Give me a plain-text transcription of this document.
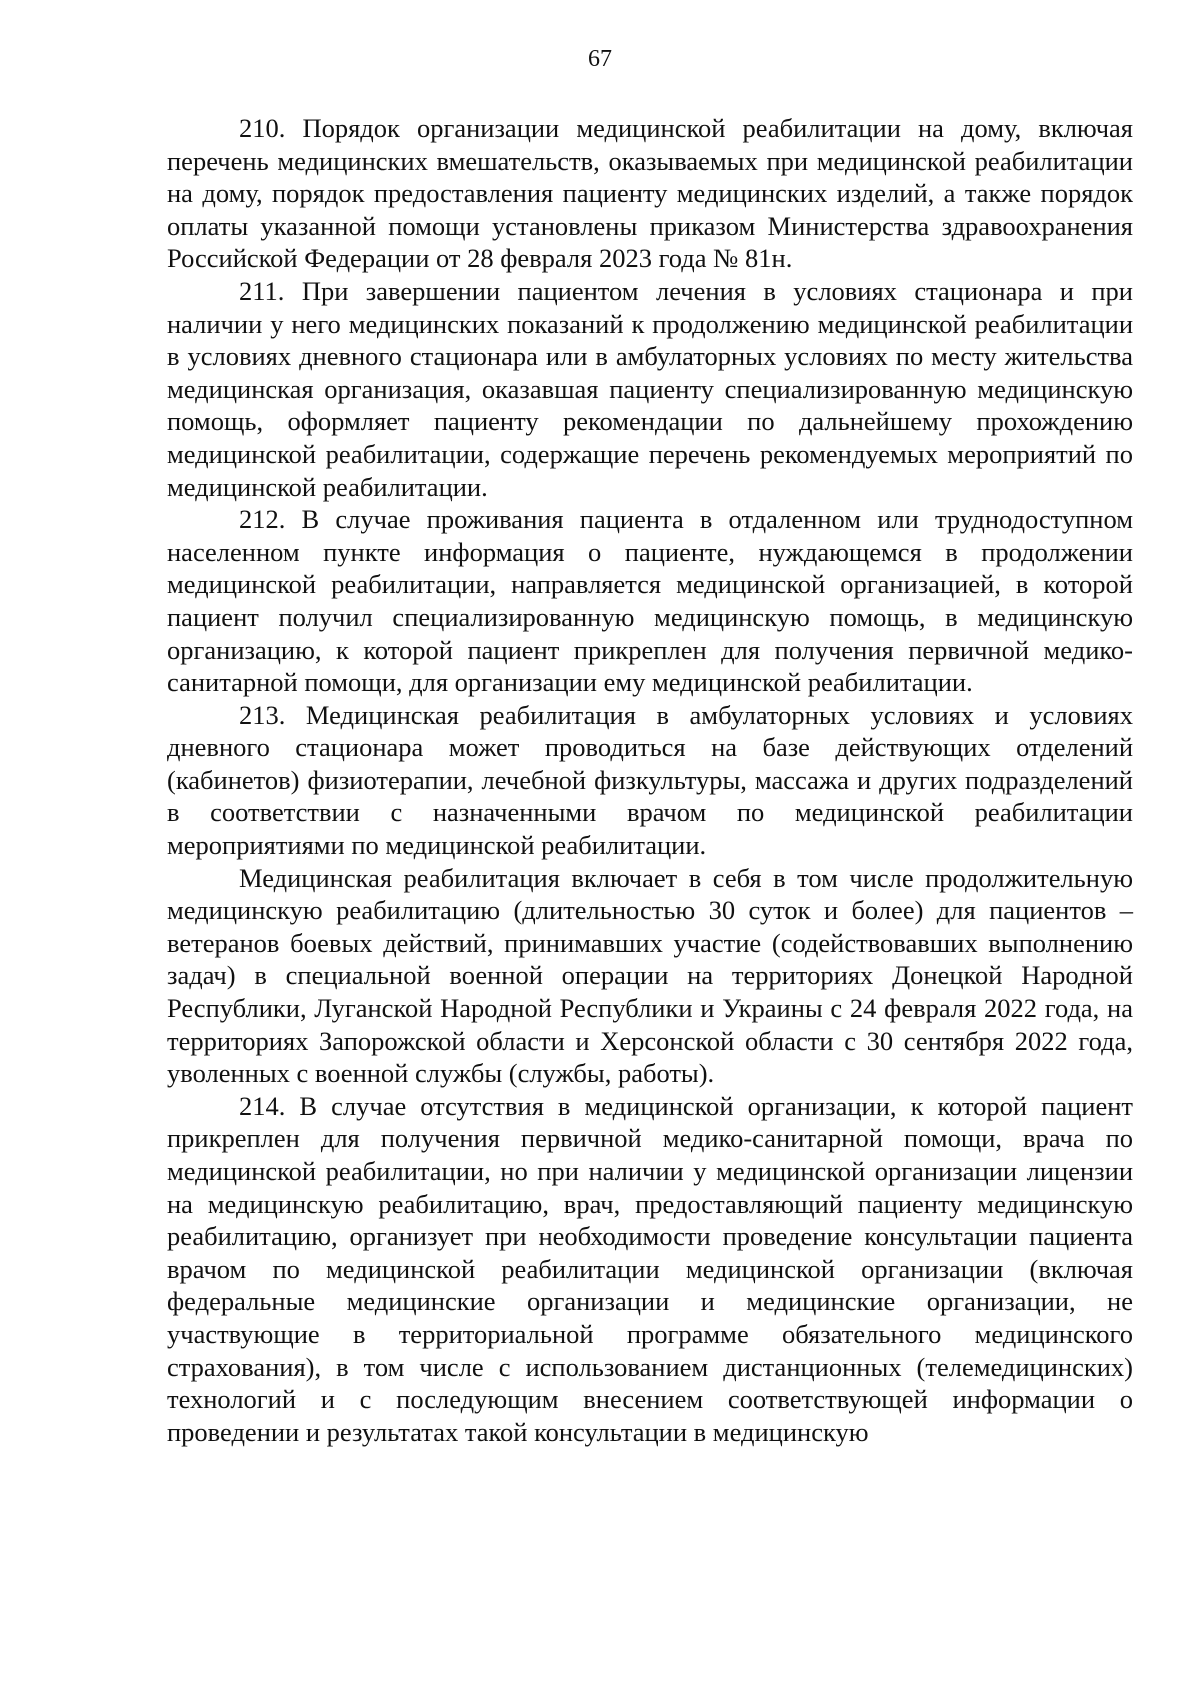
67

210. Порядок организации медицинской реабилитации на дому, включая перечень медицинских вмешательств, оказываемых при медицинской реабилитации на дому, порядок предоставления пациенту медицинских изделий, а также порядок оплаты указанной помощи установлены приказом Министерства здравоохранения Российской Федерации от 28 февраля 2023 года № 81н.

211. При завершении пациентом лечения в условиях стационара и при наличии у него медицинских показаний к продолжению медицинской реабилитации в условиях дневного стационара или в амбулаторных условиях по месту жительства медицинская организация, оказавшая пациенту специализированную медицинскую помощь, оформляет пациенту рекомендации по дальнейшему прохождению медицинской реабилитации, содержащие перечень рекомендуемых мероприятий по медицинской реабилитации.

212. В случае проживания пациента в отдаленном или труднодоступном населенном пункте информация о пациенте, нуждающемся в продолжении медицинской реабилитации, направляется медицинской организацией, в которой пациент получил специализированную медицинскую помощь, в медицинскую организацию, к которой пациент прикреплен для получения первичной медико-санитарной помощи, для организации ему медицинской реабилитации.

213. Медицинская реабилитация в амбулаторных условиях и условиях дневного стационара может проводиться на базе действующих отделений (кабинетов) физиотерапии, лечебной физкультуры, массажа и других подразделений в соответствии с назначенными врачом по медицинской реабилитации мероприятиями по медицинской реабилитации.

Медицинская реабилитация включает в себя в том числе продолжительную медицинскую реабилитацию (длительностью 30 суток и более) для пациентов – ветеранов боевых действий, принимавших участие (содействовавших выполнению задач) в специальной военной операции на территориях Донецкой Народной Республики, Луганской Народной Республики и Украины с 24 февраля 2022 года, на территориях Запорожской области и Херсонской области с 30 сентября 2022 года, уволенных с военной службы (службы, работы).

214. В случае отсутствия в медицинской организации, к которой пациент прикреплен для получения первичной медико-санитарной помощи, врача по медицинской реабилитации, но при наличии у медицинской организации лицензии на медицинскую реабилитацию, врач, предоставляющий пациенту медицинскую реабилитацию, организует при необходимости проведение консультации пациента врачом по медицинской реабилитации медицинской организации (включая федеральные медицинские организации и медицинские организации, не участвующие в территориальной программе обязательного медицинского страхования), в том числе с использованием дистанционных (телемедицинских) технологий и с последующим внесением соответствующей информации о проведении и результатах такой консультации в медицинскую
